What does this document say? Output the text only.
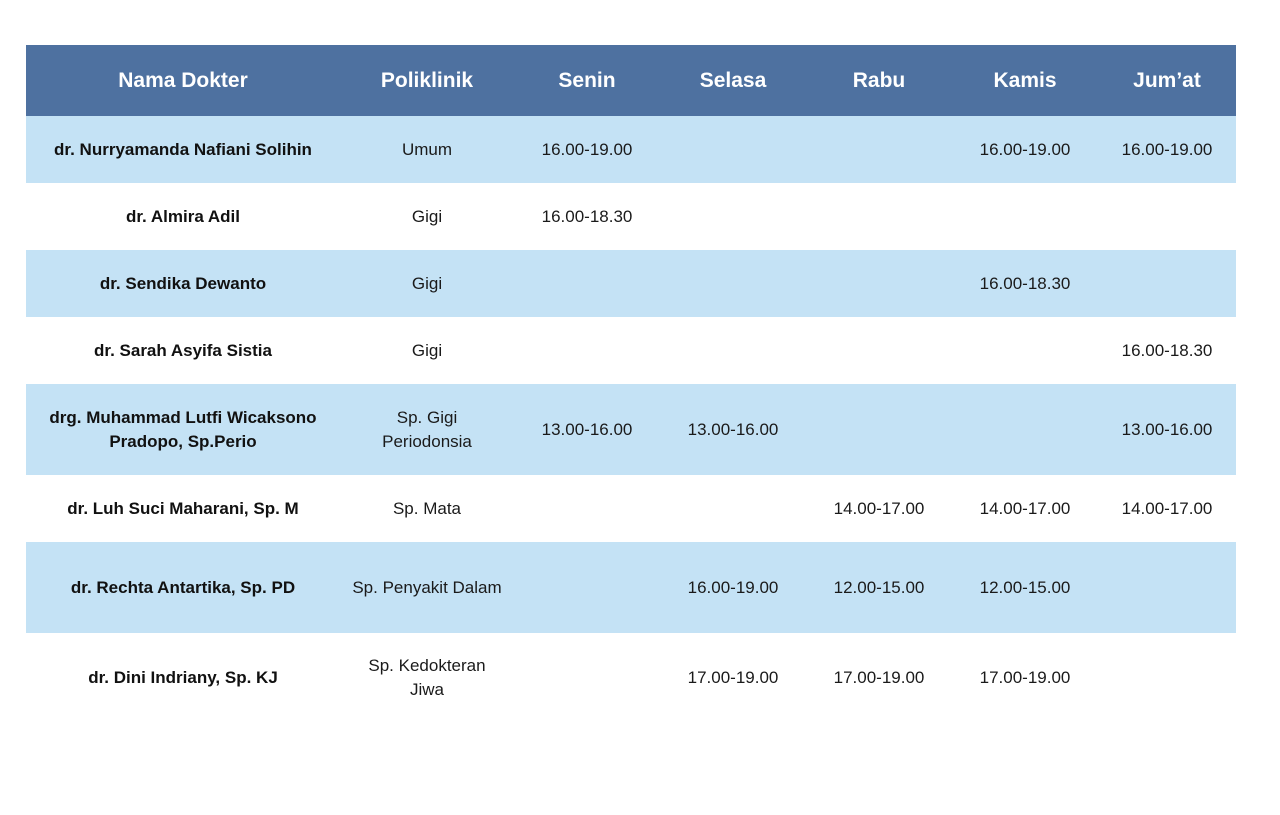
Nama Dokter	Poliklinik	Senin	Selasa	Rabu	Kamis	Jum’at
dr. Nurryamanda Nafiani Solihin	Umum	16.00-19.00			16.00-19.00	16.00-19.00
dr. Almira Adil	Gigi	16.00-18.30				
dr. Sendika Dewanto	Gigi				16.00-18.30	
dr. Sarah Asyifa Sistia	Gigi					16.00-18.30
drg. Muhammad Lutfi Wicaksono Pradopo, Sp.Perio	Sp. Gigi Periodonsia	13.00-16.00	13.00-16.00			13.00-16.00
dr. Luh Suci Maharani, Sp. M	Sp. Mata			14.00-17.00	14.00-17.00	14.00-17.00
dr. Rechta Antartika, Sp. PD	Sp. Penyakit Dalam		16.00-19.00	12.00-15.00	12.00-15.00	
dr. Dini Indriany, Sp. KJ	Sp. Kedokteran Jiwa		17.00-19.00	17.00-19.00	17.00-19.00	
